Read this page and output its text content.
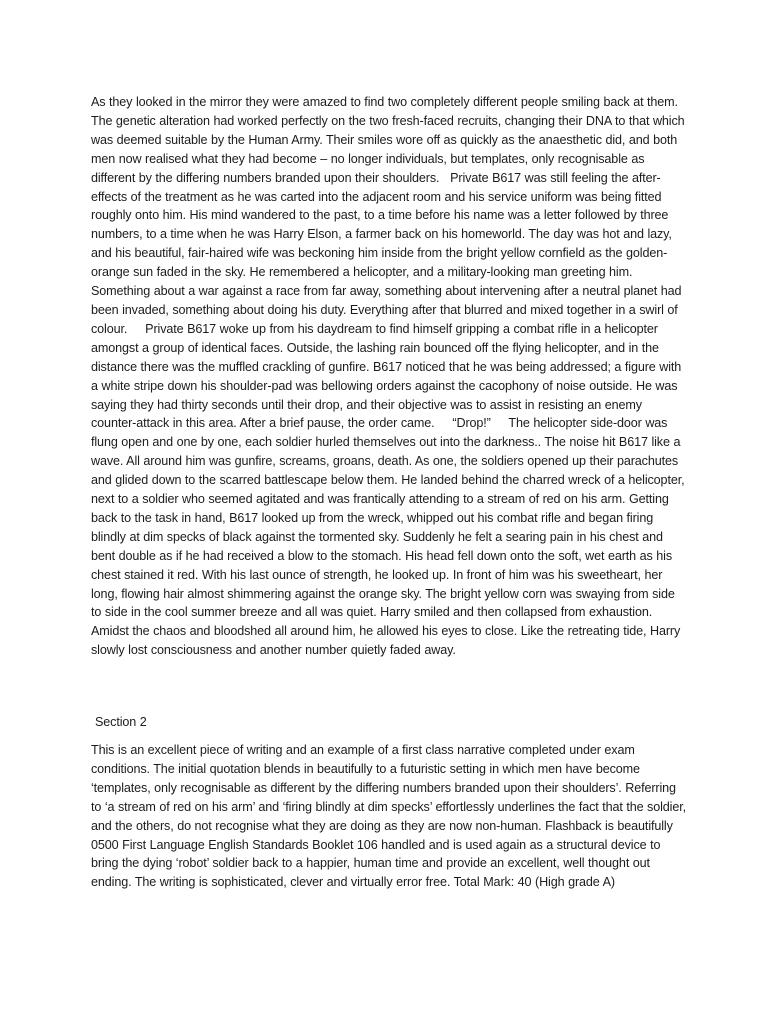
As they looked in the mirror they were amazed to find two completely different people smiling back at them. The genetic alteration had worked perfectly on the two fresh-faced recruits, changing their DNA to that which was deemed suitable by the Human Army. Their smiles wore off as quickly as the anaesthetic did, and both men now realised what they had become – no longer individuals, but templates, only recognisable as different by the differing numbers branded upon their shoulders.   Private B617 was still feeling the after-effects of the treatment as he was carted into the adjacent room and his service uniform was being fitted roughly onto him. His mind wandered to the past, to a time before his name was a letter followed by three numbers, to a time when he was Harry Elson, a farmer back on his homeworld. The day was hot and lazy, and his beautiful, fair-haired wife was beckoning him inside from the bright yellow cornfield as the golden-orange sun faded in the sky. He remembered a helicopter, and a military-looking man greeting him. Something about a war against a race from far away, something about intervening after a neutral planet had been invaded, something about doing his duty. Everything after that blurred and mixed together in a swirl of colour.     Private B617 woke up from his daydream to find himself gripping a combat rifle in a helicopter amongst a group of identical faces. Outside, the lashing rain bounced off the flying helicopter, and in the distance there was the muffled crackling of gunfire. B617 noticed that he was being addressed; a figure with a white stripe down his shoulder-pad was bellowing orders against the cacophony of noise outside. He was saying they had thirty seconds until their drop, and their objective was to assist in resisting an enemy counter-attack in this area. After a brief pause, the order came.     “Drop!”     The helicopter side-door was flung open and one by one, each soldier hurled themselves out into the darkness.. The noise hit B617 like a wave. All around him was gunfire, screams, groans, death. As one, the soldiers opened up their parachutes and glided down to the scarred battlescape below them. He landed behind the charred wreck of a helicopter, next to a soldier who seemed agitated and was frantically attending to a stream of red on his arm. Getting back to the task in hand, B617 looked up from the wreck, whipped out his combat rifle and began firing blindly at dim specks of black against the tormented sky. Suddenly he felt a searing pain in his chest and bent double as if he had received a blow to the stomach. His head fell down onto the soft, wet earth as his chest stained it red. With his last ounce of strength, he looked up. In front of him was his sweetheart, her long, flowing hair almost shimmering against the orange sky. The bright yellow corn was swaying from side to side in the cool summer breeze and all was quiet. Harry smiled and then collapsed from exhaustion. Amidst the chaos and bloodshed all around him, he allowed his eyes to close. Like the retreating tide, Harry slowly lost consciousness and another number quietly faded away.

Section 2

This is an excellent piece of writing and an example of a first class narrative completed under exam conditions. The initial quotation blends in beautifully to a futuristic setting in which men have become ‘templates, only recognisable as different by the differing numbers branded upon their shoulders’. Referring to ‘a stream of red on his arm’ and ‘firing blindly at dim specks’ effortlessly underlines the fact that the soldier, and the others, do not recognise what they are doing as they are now non-human. Flashback is beautifully 0500 First Language English Standards Booklet 106 handled and is used again as a structural device to bring the dying ‘robot’ soldier back to a happier, human time and provide an excellent, well thought out ending. The writing is sophisticated, clever and virtually error free. Total Mark: 40 (High grade A)
